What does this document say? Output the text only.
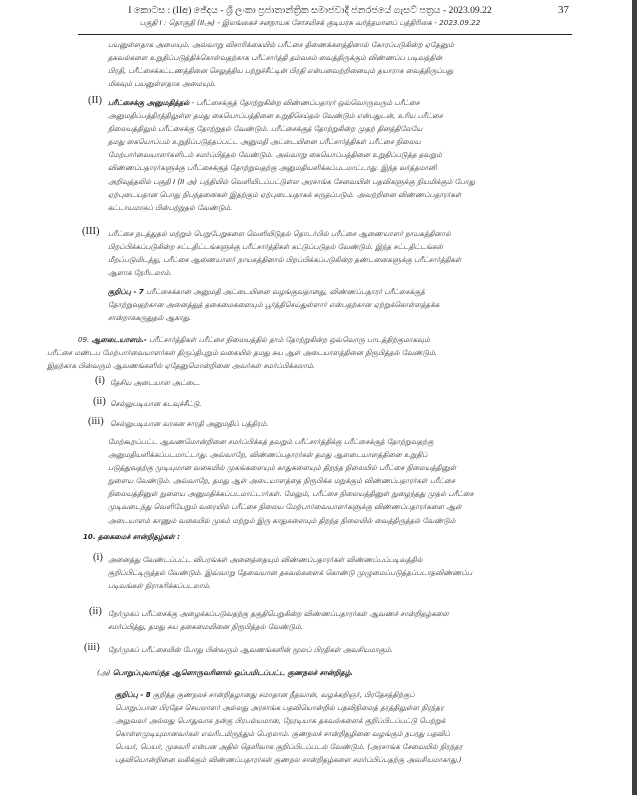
I කොටස : (IIඅ) ඡේදය - ශ්‍රී ලංකා ප්‍රජාතාන්ත්‍රික සමාජවාදී ජනරජයේ ගැසට් පත්‍රය - 2023.09.22	37
பகுதி I : தொகுதி (IIஅ) - இலங்கைச் சனநாயக சோசலிசக் குடியரசு வர்த்தமானப் பத்திரிகை - 2023.09.22
பயனுள்ளதாக அமையும். அவ்வாறு விசாரிக்கையில் பரீட்சை திணைக்களத்தினால் கோரப்படுகின்ற ஏதேனும்
தகவல்களை உறுதிப்படுத்திக்கொள்வதற்காக பரீட்சார்த்தி தம்வசம் வைத்திருக்கும் விண்ணப்ப படிவத்தின்
பிரதி, பரீட்சைக்கட்டணத்தினை செலுத்திய பற்றுச்சீட்டின் பிரதி என்பனவற்றினையும் தயாராக வைத்திருப்பது
மிகவும் பயனுள்ளதாக அமையும்.
(II) பரீட்சைக்கு அனுமதித்தல் - பரீட்சைக்குத் தோற்றுகின்ற விண்ணப்பதாரர் ஒவ்வொருவரும் பரீட்சை
அனுமதிப்பத்திரத்திலுள்ள தமது கையொப்பத்தினை உறுதிசெய்தல் வேண்டும் என்பதுடன், உரிய பரீட்சை
நிலையத்திலும் பரீட்சைக்கு தோற்றுதல் வேண்டும். பரீட்சைக்குத் தோற்றுகின்ற முதற் தினத்திலேயே
தமது கையொப்பம் உறுதிப்படுத்தப்பட்ட அனுமதி அட்டையினை பரீட்சார்த்திகள் பரீட்சை நிலைய
மேற்பார்வையாளர்களிடம் சமர்ப்பித்தல் வேண்டும். அவ்வாறு கையொப்பத்தினை உறுதிப்படுத்த தவறும்
விண்ணப்பதாரர்களுக்கு பரீட்சைக்குத் தோற்றுவதற்கு அனுமதியளிக்கப்படமாட்டாது. இந்த வர்த்தமானி
அறிவுத்தலில் பகுதி I (II அ) பந்தியில் வெளியிடப்பட்டுள்ள அரசாங்க சேவையின் பதவிகளுக்கு நியமிக்கும் போது
ஏற்புடையதான பொது நிபந்தனைகள் இதற்கும் ஏற்புடையதாகக் கருதப்படும். அவற்றினை விண்ணப்பதாரர்கள்
கட்டாயமாகப் பின்பற்றுதல் வேண்டும்.
(III) பரீட்சை நடத்துதல் மற்றும் பெறுபேறுகளை வெளியிடுதல் தொடர்பில் பரீட்சை ஆணையாளர் நாயகத்தினால்
பிறப்பிக்கப்படுகின்ற சட்டதிட்டங்களுக்கு பரீட்சார்த்திகள் கட்டுப்படுதல் வேண்டும். இந்த சட்டதிட்டங்கள்
மீறப்படுமிடத்து, பரீட்சை ஆணையாளர் நாயகத்தினால் பிறப்பிக்கப்படுகின்ற தண்டனைகளுக்கு பரீட்சார்த்திகள்
ஆளாக நேரிடலாம்.
குறிப்பு - 7 பரீட்சைக்கான அனுமதி அட்டையினை வழங்குவதானது, விண்ணப்பதாரர் பரீட்சைக்குத்
தோற்றுவதற்கான அனைத்துத் தகைமைகளையும் பூர்த்திசெய்துள்ளார் என்பதற்கான ஏற்றுக்கொள்ளத்தக்க
சான்றாககருதுதல் ஆகாது.
09. ஆளடையாளம்.- பரீட்சார்த்திகள் பரீட்சை நிலையத்தில் தாம் தோற்றுகின்ற ஒவ்வொரு பாடத்திற்குமாகவும்
பரீட்சை மண்டப மேற்பார்வையாளர்கள் திருப்திபுறும் வகையில் தமது சுய ஆள் அடையாளத்தினை நிரூபித்தல் வேண்டும்.
இதற்காக பின்வரும் ஆவணங்களில் ஏதேனுமொன்றினை அவர்கள் சமர்ப்பிக்கலாம்.
(i) தேசிய அடையாள அட்டை.
(ii) செல்லுபடியான கடவுச்சீட்டு.
(iii) செல்லுபடியான வாகன சாரதி அனுமதிப் பத்திரம்.
மேற்கூறப்பட்ட ஆவணமொன்றினை சமர்ப்பிக்கத் தவறும் பரீட்சார்த்திக்கு பரீட்சைக்குத் தோற்றுவதற்கு
அனுமதியளிக்கப்படமாட்டாது. அவ்வாறே, விண்ணப்பதாரர்கள் தமது ஆளடையாளத்தினை உறுதிப்
படுத்துவதற்கு முடியுமான வகையில் முகங்களையும் காதுகளையும் திறந்த நிலையில் பரீட்சை நிலையத்தினுள்
நுளைய வேண்டும். அவ்வாறே, தமது ஆள் அடையாளத்தை நிரூபிக்க மறுக்கும் விண்ணப்பதாரர்கள் பரீட்சை
நிலையத்தினுள் நுளைய அனுமதிக்கப்படமாட்டார்கள். மேலும், பரீட்சை நிலையத்தினுள் நுழைந்தது முதல் பரீட்சை
முடிவடைந்து வெளியேறும் வரையில் பரீட்சை நிலைய மேற்பார்வையாளர்களுக்கு விண்ணப்பதாரர்களை ஆள்
அடையாளம் காணும் வகையில் முகம் மற்றும் இரு காதுகளையும் திறந்த நிலையில் வைத்திருத்தல் வேண்டும்
10. தகைமைச் சான்றிதழ்கள் :
(i) அனைத்து வேண்டப்பட்ட விபரங்கள் அனைத்தையும் விண்ணப்பதாரர்கள் விண்ணப்பப்படிவத்தில்
குறிப்பிட்டிருத்தல் வேண்டும். இவ்வாறு தேவையான தகவல்களைக் கொண்டு முழுமைப்படுத்தப்படாதவிண்ணப்ப
படிவங்கள் நிராகரிக்கப்படலாம்.
(ii) நேர்முகப் பரீட்சைக்கு அழைக்கப்படுவதற்கு தகுதிபெறுகின்ற விண்ணப்பதாரர்கள் ஆவணச் சான்றிதழ்களை
சமர்ப்பித்து, தமது சுய தகைமையினை நிரூபித்தல் வேண்டும்.
(iii) நேர்முகப் பரீட்சையின் போது பின்வரும் ஆவணங்களின் மூலப் பிரதிகள் அவசியமாகும்.
(அ) பொறுப்புவாய்ந்த ஆளொருவரினால் ஒப்பமிடப்பட்ட குணநலச் சான்றிதழ்.
குறிப்பு - 8 குறித்த குணநலச் சான்றிதழானது சமாதான நீதவான், வழக்கறிஞர், பிரதேசத்திற்குப்
பொறுப்பான பிரதேச செயலாளர் அல்லது அரசாங்க பதவியொன்றில் பதவிநிலைத் தரத்திலுள்ள நிரந்தர
அலுவலர் அல்லது பொதுவாக நன்கு பிரபல்யமான, நேரடியாக தகவல்களைக் குறிப்பிடப்பட்டு பெற்றுக்
கொள்ளமுடியுமானவர்கள் எவரிடமிருந்தும் பெறலாம். குணநலச் சான்றிதழினை வழங்கும் நபரது பதவிப்
பெயர், பெயர், முகவரி என்பன அதில் தெளிவாக குறிப்பிடப்படல் வேண்டும். (அரசாங்க சேவையில் நிரந்தர
பதவியொன்றினை வகிக்கும் விண்ணப்பதாரர்கள் குணநல சான்றிதழ்களை சமர்ப்பிப்பதற்கு அவசியமாகாது.)
